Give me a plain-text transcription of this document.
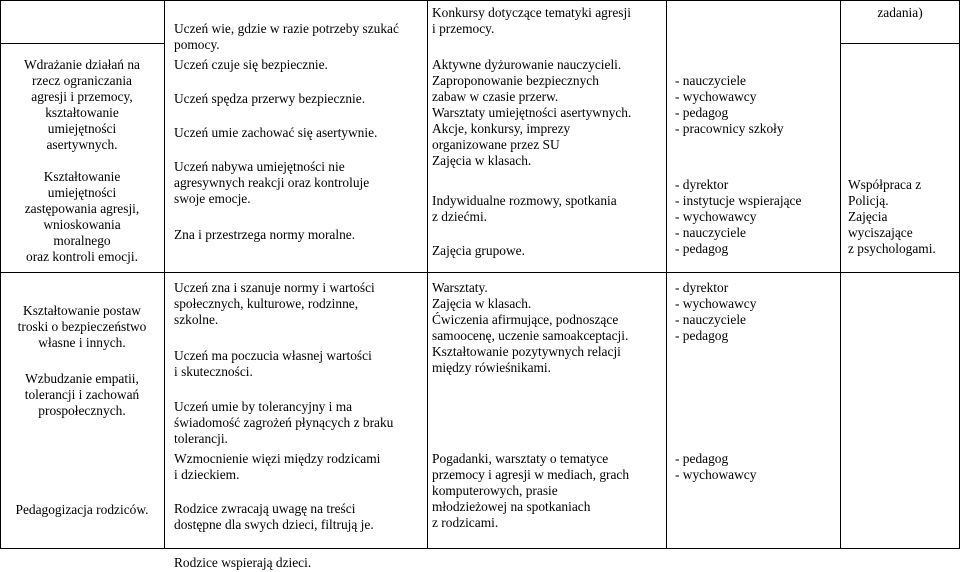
zadania)
Wdrażanie działań na
rzecz ograniczania
agresji i przemocy,
kształtowanie
umiejętności
asertywnych.
Kształtowanie
umiejętności
zastępowania agresji,
wnioskowania
moralnego
oraz kontroli emocji.
Uczeń wie, gdzie w razie potrzeby szukać
pomocy.
Uczeń czuje się bezpiecznie.
Uczeń spędza przerwy bezpiecznie.
Uczeń umie zachować się asertywnie.
Uczeń nabywa umiejętności nie
agresywnych reakcji oraz kontroluje
swoje emocje.
Zna i przestrzega normy moralne.
Konkursy dotyczące tematyki agresji
i przemocy.
Aktywne dyżurowanie nauczycieli.
Zaproponowanie bezpiecznych
zabaw w czasie przerw.
Warsztaty umiejętności asertywnych.
Akcje, konkursy, imprezy
organizowane przez SU
Zajęcia w klasach.
Indywidualne rozmowy, spotkania
z dziećmi.
Zajęcia grupowe.
- nauczyciele
- wychowawcy
- pedagog
- pracownicy szkoły
- dyrektor
- instytucje wspierające
- wychowawcy
- nauczyciele
- pedagog
Współpraca z
Policją.
Zajęcia
wyciszające
z psychologami.
Kształtowanie postaw
troski o bezpieczeństwo
własne i innych.
Wzbudzanie empatii,
tolerancji i zachowań
prospołecznych.
Pedagogizacja rodziców.
Uczeń zna i szanuje normy i wartości
społecznych, kulturowe, rodzinne,
szkolne.
Uczeń ma poczucia własnej wartości
i skuteczności.
Uczeń umie by tolerancyjny i ma
świadomość zagrożeń płynących z braku
tolerancji.
Wzmocnienie więzi między rodzicami
i dzieckiem.
Rodzice zwracają uwagę na treści
dostępne dla swych dzieci, filtrują je.
Rodzice wspierają dzieci.
Warsztaty.
Zajęcia w klasach.
Ćwiczenia afirmujące, podnoszące
samoocenę, uczenie samoakceptacji.
Kształtowanie pozytywnych relacji
między rówieśnikami.
Pogadanki, warsztaty o tematyce
przemocy i agresji w mediach, grach
komputerowych, prasie
młodzieżowej na spotkaniach
z rodzicami.
- dyrektor
- wychowawcy
- nauczyciele
- pedagog
- pedagog
- wychowawcy
